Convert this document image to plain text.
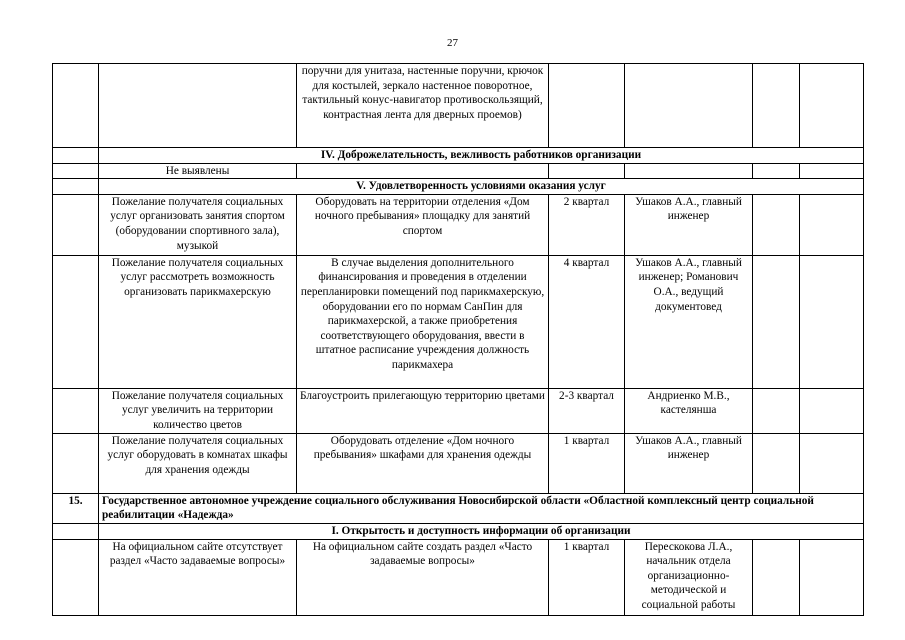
27
		поручни для унитаза, настенные поручни, крючок для костылей, зеркало настенное поворотное, тактильный конус-навигатор противоскользящий, контрастная лента для дверных проемов)				
	IV. Доброжелательность, вежливость работников организации					
	Не выявлены					
	V. Удовлетворенность условиями оказания услуг					
	Пожелание получателя социальных услуг организовать занятия спортом (оборудовании спортивного зала), музыкой	Оборудовать на территории отделения «Дом ночного пребывания» площадку для занятий спортом	2 квартал	Ушаков А.А., главный инженер		
	Пожелание получателя социальных услуг рассмотреть возможность организовать парикмахерскую	В случае выделения дополнительного финансирования и проведения в отделении перепланировки помещений под парикмахерскую, оборудовании его по нормам СанПин для парикмахерской, а также приобретения соответствующего оборудования, ввести в штатное расписание учреждения должность парикмахера	4 квартал	Ушаков А.А., главный инженер; Романович О.А., ведущий документовед		
	Пожелание получателя социальных услуг увеличить на территории количество цветов	Благоустроить прилегающую территорию цветами	2-3 квартал	Андриенко М.В., кастелянша		
	Пожелание получателя социальных услуг оборудовать в комнатах шкафы для хранения одежды	Оборудовать отделение «Дом ночного пребывания» шкафами для хранения одежды	1 квартал	Ушаков А.А., главный инженер		
15.	Государственное автономное учреждение социального обслуживания Новосибирской области «Областной комплексный центр социальной реабилитации «Надежда»					
	I. Открытость и доступность информации об организации					
	На официальном сайте отсутствует раздел «Часто задаваемые вопросы»	На официальном сайте создать раздел «Часто задаваемые вопросы»	1 квартал	Перескокова Л.А., начальник отдела организационно-методической и социальной работы		
